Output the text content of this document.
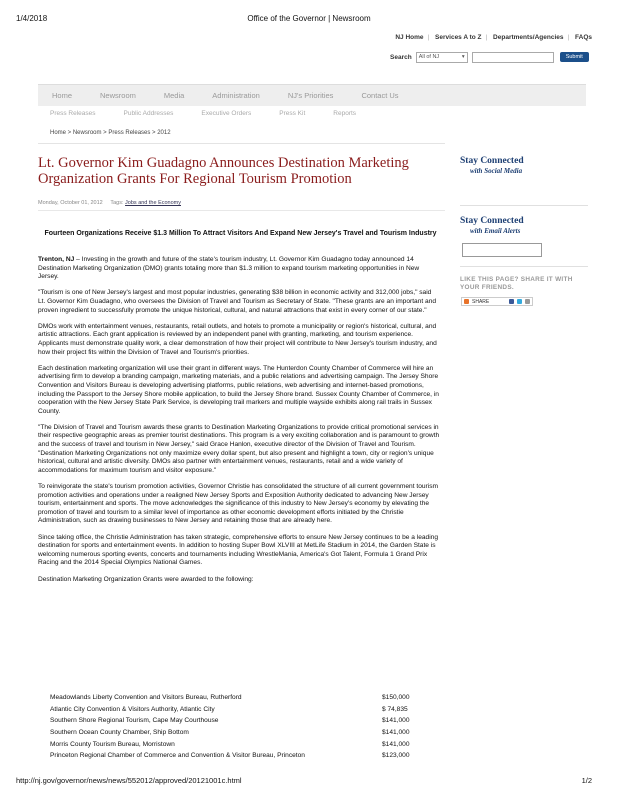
1/4/2018	Office of the Governor | Newsroom
NJ Home | Services A to Z | Departments/Agencies | FAQs
Search All of NJ	▾	Submit
Home	Newsroom	Media	Administration	NJ's Priorities	Contact Us
Press Releases	Public Addresses	Executive Orders	Press Kit	Reports
Home > Newsroom > Press Releases > 2012
Lt. Governor Kim Guadagno Announces Destination Marketing Organization Grants For Regional Tourism Promotion
Monday, October 01, 2012 Tags: Jobs and the Economy
Fourteen Organizations Receive $1.3 Million To Attract Visitors And Expand New Jersey's Travel and Tourism Industry

Trenton, NJ – Investing in the growth and future of the state's tourism industry, Lt. Governor Kim Guadagno today announced 14 Destination Marketing Organization (DMO) grants totaling more than $1.3 million to expand tourism marketing opportunities in New Jersey.

"Tourism is one of New Jersey's largest and most popular industries, generating $38 billion in economic activity and 312,000 jobs," said Lt. Governor Kim Guadagno, who oversees the Division of Travel and Tourism as Secretary of State. "These grants are an important and proven ingredient to successfully promote the unique historical, cultural, and natural attractions that exist in every corner of our state."

DMOs work with entertainment venues, restaurants, retail outlets, and hotels to promote a municipality or region's historical, cultural, and artistic attractions. Each grant application is reviewed by an independent panel with granting, marketing, and tourism experience. Applicants must demonstrate quality work, a clear demonstration of how their project will contribute to New Jersey's tourism industry, and how their project fits within the Division of Travel and Tourism's priorities.

Each destination marketing organization will use their grant in different ways. The Hunterdon County Chamber of Commerce will hire an advertising firm to develop a branding campaign, marketing materials, and a public relations and advertising campaign. The Jersey Shore Convention and Visitors Bureau is developing advertising platforms, public relations, web advertising and internet-based promotions, including the Passport to the Jersey Shore mobile application, to build the Jersey Shore brand. Sussex County Chamber of Commerce, in cooperation with the New Jersey State Park Service, is developing trail markers and multiple wayside exhibits along rail trails in Sussex County.

"The Division of Travel and Tourism awards these grants to Destination Marketing Organizations to provide critical promotional services in their respective geographic areas as premier tourist destinations. This program is a very exciting collaboration and is paramount to growth and the success of travel and tourism in New Jersey," said Grace Hanlon, executive director of the Division of Travel and Tourism. "Destination Marketing Organizations not only maximize every dollar spent, but also present and highlight a town, city or region's unique historical, cultural and artistic diversity. DMOs also partner with entertainment venues, restaurants, retail and a wide variety of accommodations for maximum tourism and visitor exposure."

To reinvigorate the state's tourism promotion activities, Governor Christie has consolidated the structure of all current government tourism promotion activities and operations under a realigned New Jersey Sports and Exposition Authority dedicated to advancing New Jersey tourism, entertainment and sports. The move acknowledges the significance of this industry to New Jersey's economy by elevating the promotion of travel and tourism to a similar level of importance as other economic development efforts initiated by the Christie Administration, such as drawing businesses to New Jersey and retaining those that are already here.

Since taking office, the Christie Administration has taken strategic, comprehensive efforts to ensure New Jersey continues to be a leading destination for sports and entertainment events. In addition to hosting Super Bowl XLVIII at MetLife Stadium in 2014, the Garden State is welcoming numerous sporting events, concerts and tournaments including WrestleMania, America's Got Talent, Formula 1 Grand Prix Racing and the 2014 Special Olympics National Games.

Destination Marketing Organization Grants were awarded to the following:

Meadowlands Liberty Convention and Visitors Bureau, Rutherford	$150,000
Atlantic City Convention & Visitors Authority, Atlantic City	$ 74,835
Southern Shore Regional Tourism, Cape May Courthouse	$141,000
Southern Ocean County Chamber, Ship Bottom	$141,000
Morris County Tourism Bureau, Morristown	$141,000
Princeton Regional Chamber of Commerce and Convention & Visitor Bureau, Princeton	$123,000
Stay Connected
with Social Media
Stay Connected
with Email Alerts
LIKE THIS PAGE? SHARE IT WITH YOUR FRIENDS.
SHARE
http://nj.gov/governor/news/news/552012/approved/20121001c.html	1/2
